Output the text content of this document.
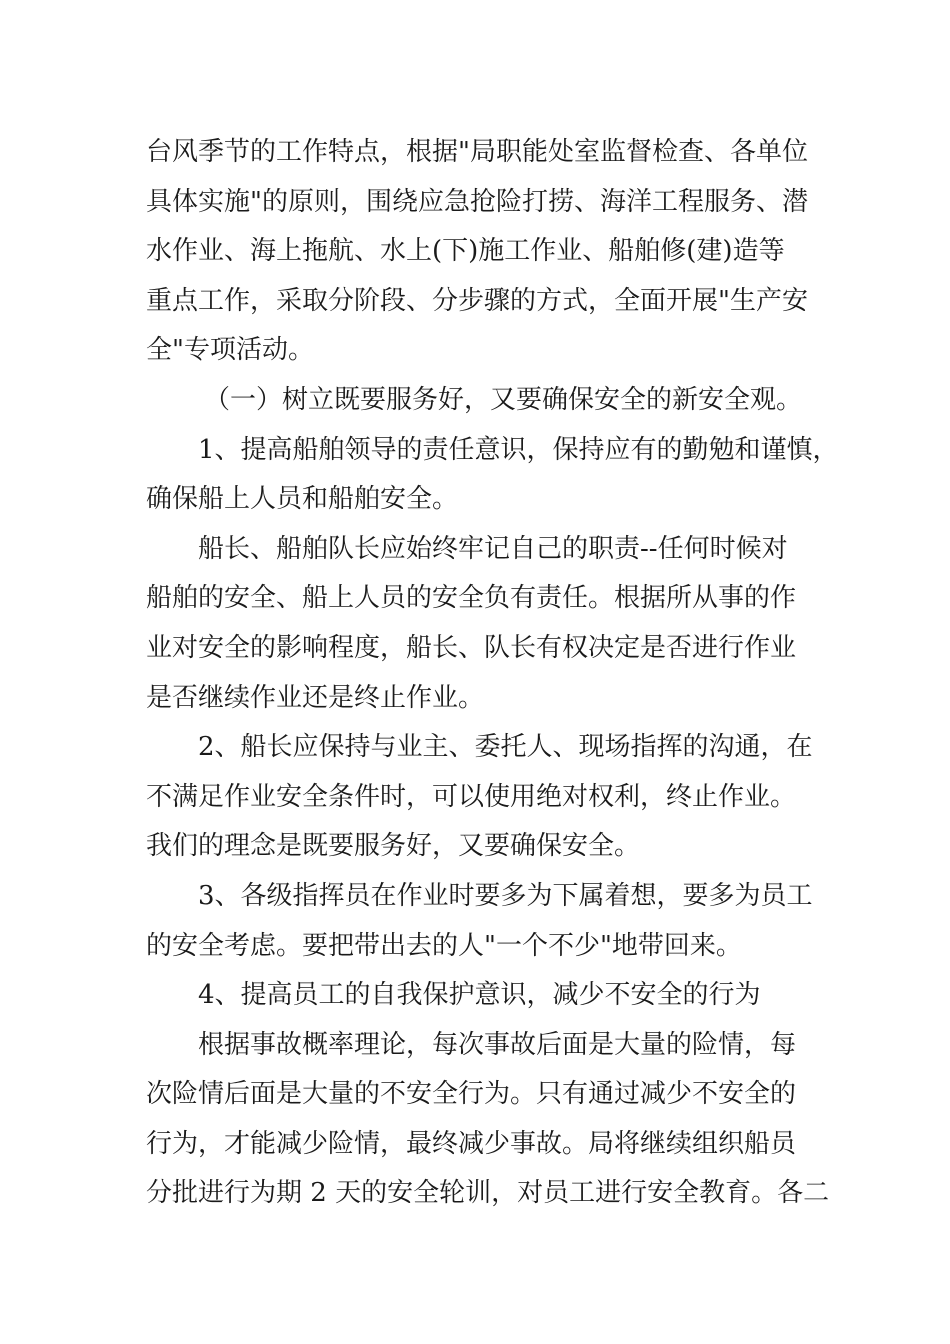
台风季节的工作特点，根据"局职能处室监督检查、各单位
具体实施"的原则，围绕应急抢险打捞、海洋工程服务、潜
水作业、海上拖航、水上(下)施工作业、船舶修(建)造等
重点工作，采取分阶段、分步骤的方式，全面开展"生产安
全"专项活动。
（一）树立既要服务好，又要确保安全的新安全观。
1、提高船舶领导的责任意识，保持应有的勤勉和谨慎，
确保船上人员和船舶安全。
船长、船舶队长应始终牢记自己的职责--任何时候对
船舶的安全、船上人员的安全负有责任。根据所从事的作
业对安全的影响程度，船长、队长有权决定是否进行作业
是否继续作业还是终止作业。
2、船长应保持与业主、委托人、现场指挥的沟通，在
不满足作业安全条件时，可以使用绝对权利，终止作业。
我们的理念是既要服务好，又要确保安全。
3、各级指挥员在作业时要多为下属着想，要多为员工
的安全考虑。要把带出去的人"一个不少"地带回来。
4、提高员工的自我保护意识，减少不安全的行为
根据事故概率理论，每次事故后面是大量的险情，每
次险情后面是大量的不安全行为。只有通过减少不安全的
行为，才能减少险情，最终减少事故。局将继续组织船员
分批进行为期 2 天的安全轮训，对员工进行安全教育。各二
